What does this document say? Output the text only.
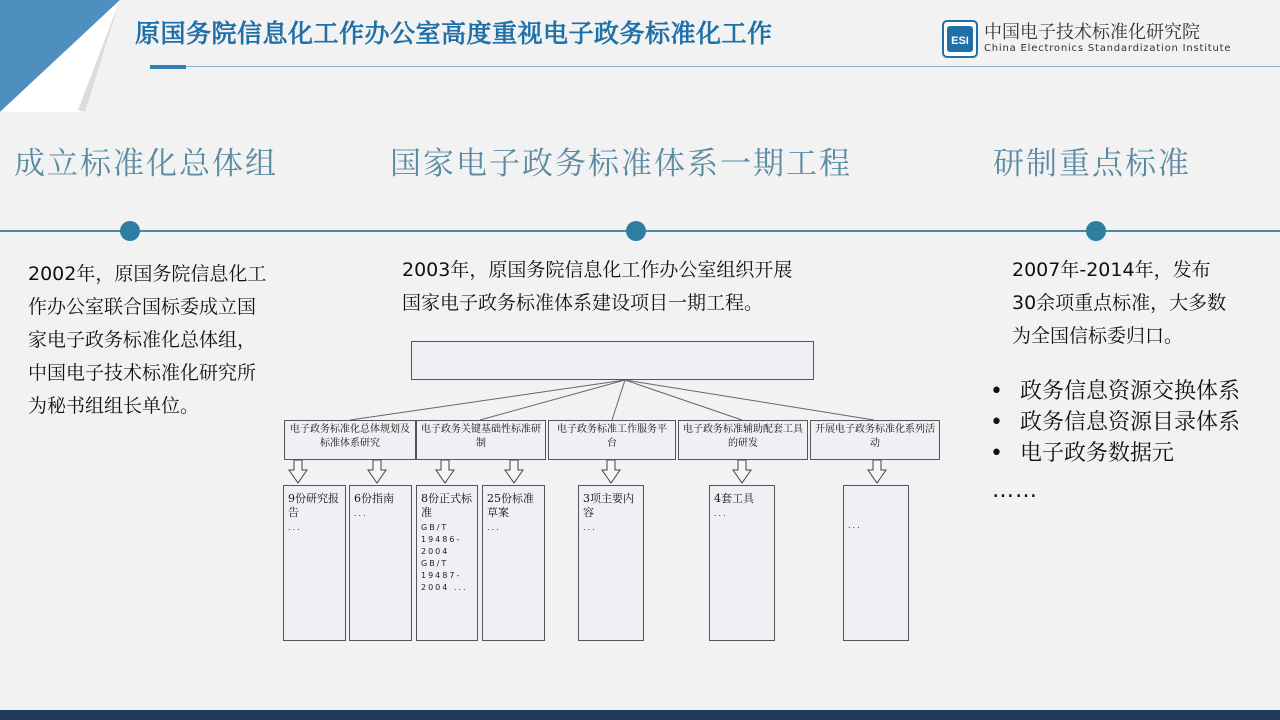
原国务院信息化工作办公室高度重视电子政务标准化工作	ESI 中国电子技术标准化研究院
China Electronics Standardization Institute
成立标准化总体组	国家电子政务标准体系一期工程	研制重点标准
2002年，原国务院信息化工
作办公室联合国标委成立国
家电子政务标准化总体组，
中国电子技术标准化研究所
为秘书组组长单位。
2003年，原国务院信息化工作办公室组织开展
国家电子政务标准体系建设项目一期工程。
2007年-2014年，发布
30余项重点标准，大多数
为全国信标委归口。
• 政务信息资源交换体系
• 政务信息资源目录体系
• 电子政务数据元
……
电子政务标准化总体规划及标准体系研究
电子政务关键基础性标准研制
电子政务标准工作服务平台
电子政务标准辅助配套工具的研发
开展电子政务标准化系列活动
9份研究报告
...
6份指南
...
8份正式标准
GB/T 19486-2004 GB/T 19487-2004 ...
25份标准草案
...
3项主要内容
...
4套工具
...
...
